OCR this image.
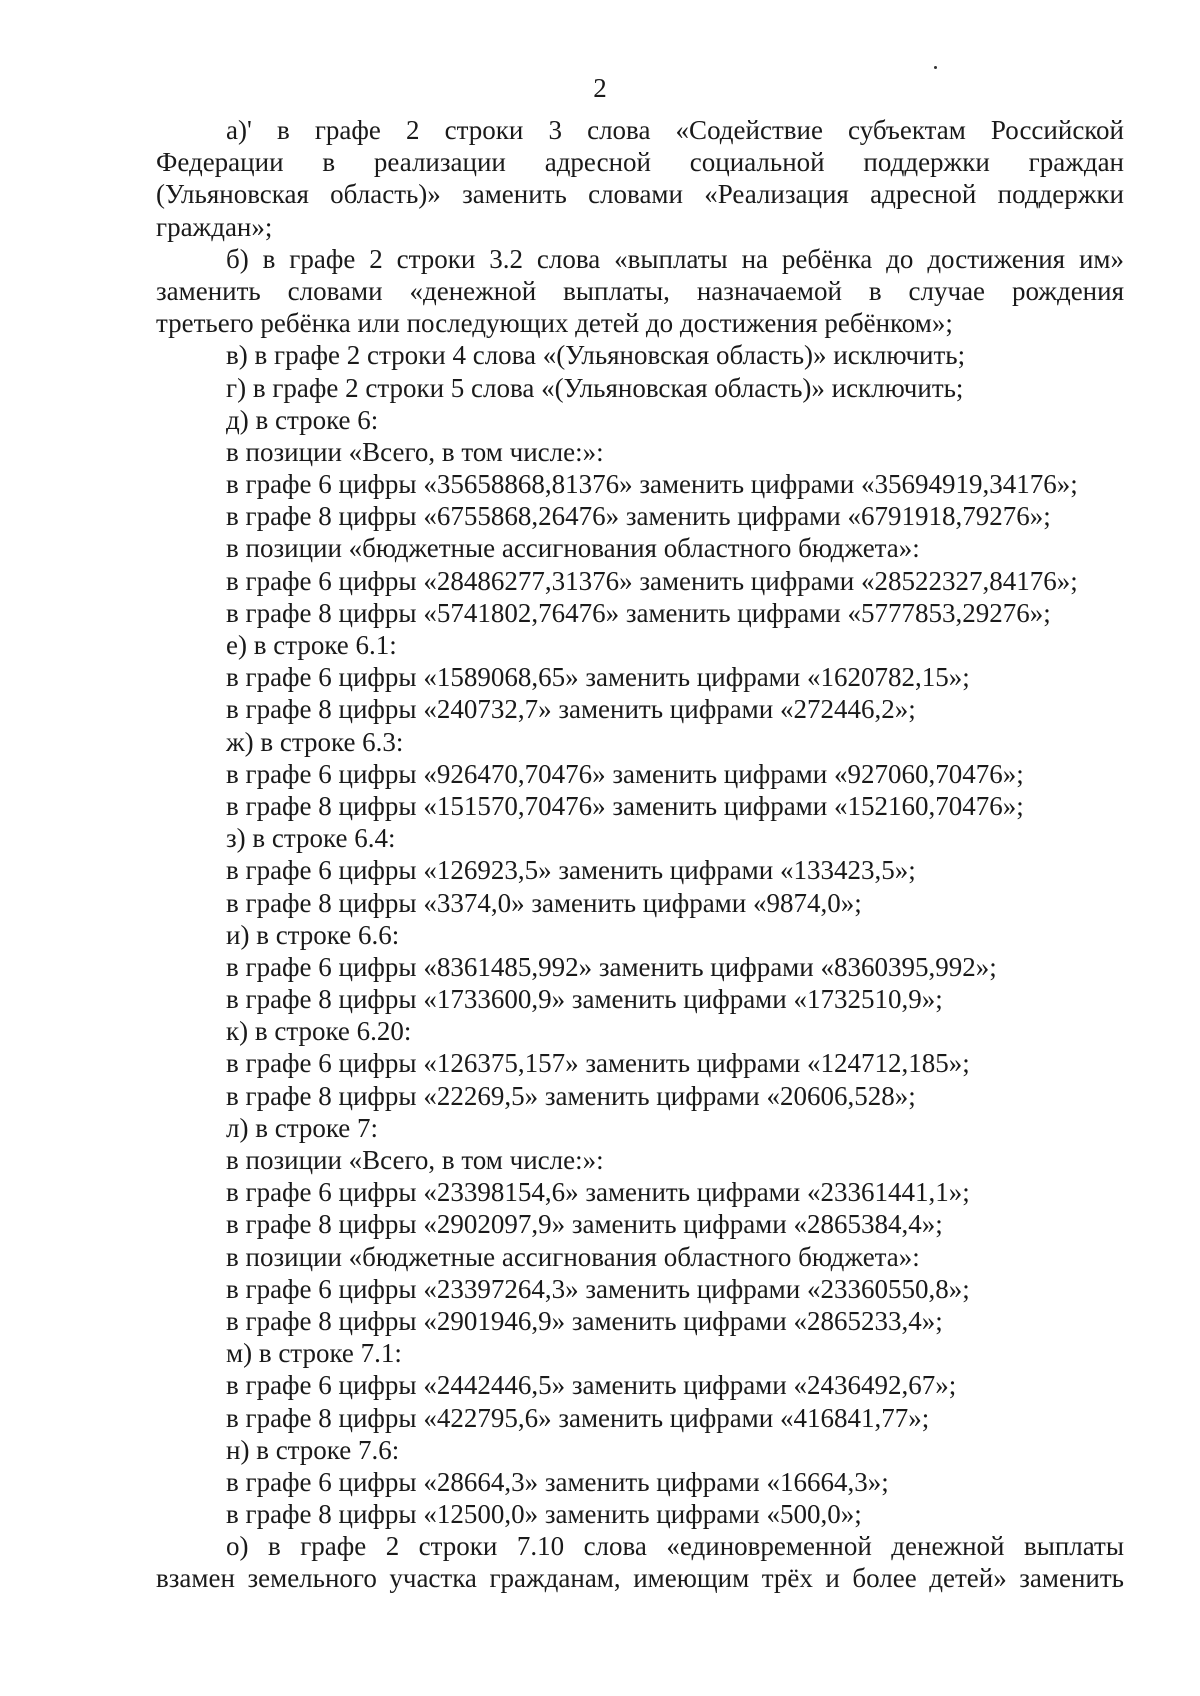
2
а)' в графе 2 строки 3 слова «Содействие субъектам Российской
Федерации в реализации адресной социальной поддержки граждан
(Ульяновская область)» заменить словами «Реализация адресной поддержки
граждан»;
б) в графе 2 строки 3.2 слова «выплаты на ребёнка до достижения им»
заменить словами «денежной выплаты, назначаемой в случае рождения
третьего ребёнка или последующих детей до достижения ребёнком»;
в) в графе 2 строки 4 слова «(Ульяновская область)» исключить;
г) в графе 2 строки 5 слова «(Ульяновская область)» исключить;
д) в строке 6:
в позиции «Всего, в том числе:»:
в графе 6 цифры «35658868,81376» заменить цифрами «35694919,34176»;
в графе 8 цифры «6755868,26476» заменить цифрами «6791918,79276»;
в позиции «бюджетные ассигнования областного бюджета»:
в графе 6 цифры «28486277,31376» заменить цифрами «28522327,84176»;
в графе 8 цифры «5741802,76476» заменить цифрами «5777853,29276»;
е) в строке 6.1:
в графе 6 цифры «1589068,65» заменить цифрами «1620782,15»;
в графе 8 цифры «240732,7» заменить цифрами «272446,2»;
ж) в строке 6.3:
в графе 6 цифры «926470,70476» заменить цифрами «927060,70476»;
в графе 8 цифры «151570,70476» заменить цифрами «152160,70476»;
з) в строке 6.4:
в графе 6 цифры «126923,5» заменить цифрами «133423,5»;
в графе 8 цифры «3374,0» заменить цифрами «9874,0»;
и) в строке 6.6:
в графе 6 цифры «8361485,992» заменить цифрами «8360395,992»;
в графе 8 цифры «1733600,9» заменить цифрами «1732510,9»;
к) в строке 6.20:
в графе 6 цифры «126375,157» заменить цифрами «124712,185»;
в графе 8 цифры «22269,5» заменить цифрами «20606,528»;
л) в строке 7:
в позиции «Всего, в том числе:»:
в графе 6 цифры «23398154,6» заменить цифрами «23361441,1»;
в графе 8 цифры «2902097,9» заменить цифрами «2865384,4»;
в позиции «бюджетные ассигнования областного бюджета»:
в графе 6 цифры «23397264,3» заменить цифрами «23360550,8»;
в графе 8 цифры «2901946,9» заменить цифрами «2865233,4»;
м) в строке 7.1:
в графе 6 цифры «2442446,5» заменить цифрами «2436492,67»;
в графе 8 цифры «422795,6» заменить цифрами «416841,77»;
н) в строке 7.6:
в графе 6 цифры «28664,3» заменить цифрами «16664,3»;
в графе 8 цифры «12500,0» заменить цифрами «500,0»;
о) в графе 2 строки 7.10 слова «единовременной денежной выплаты
взамен земельного участка гражданам, имеющим трёх и более детей» заменить
